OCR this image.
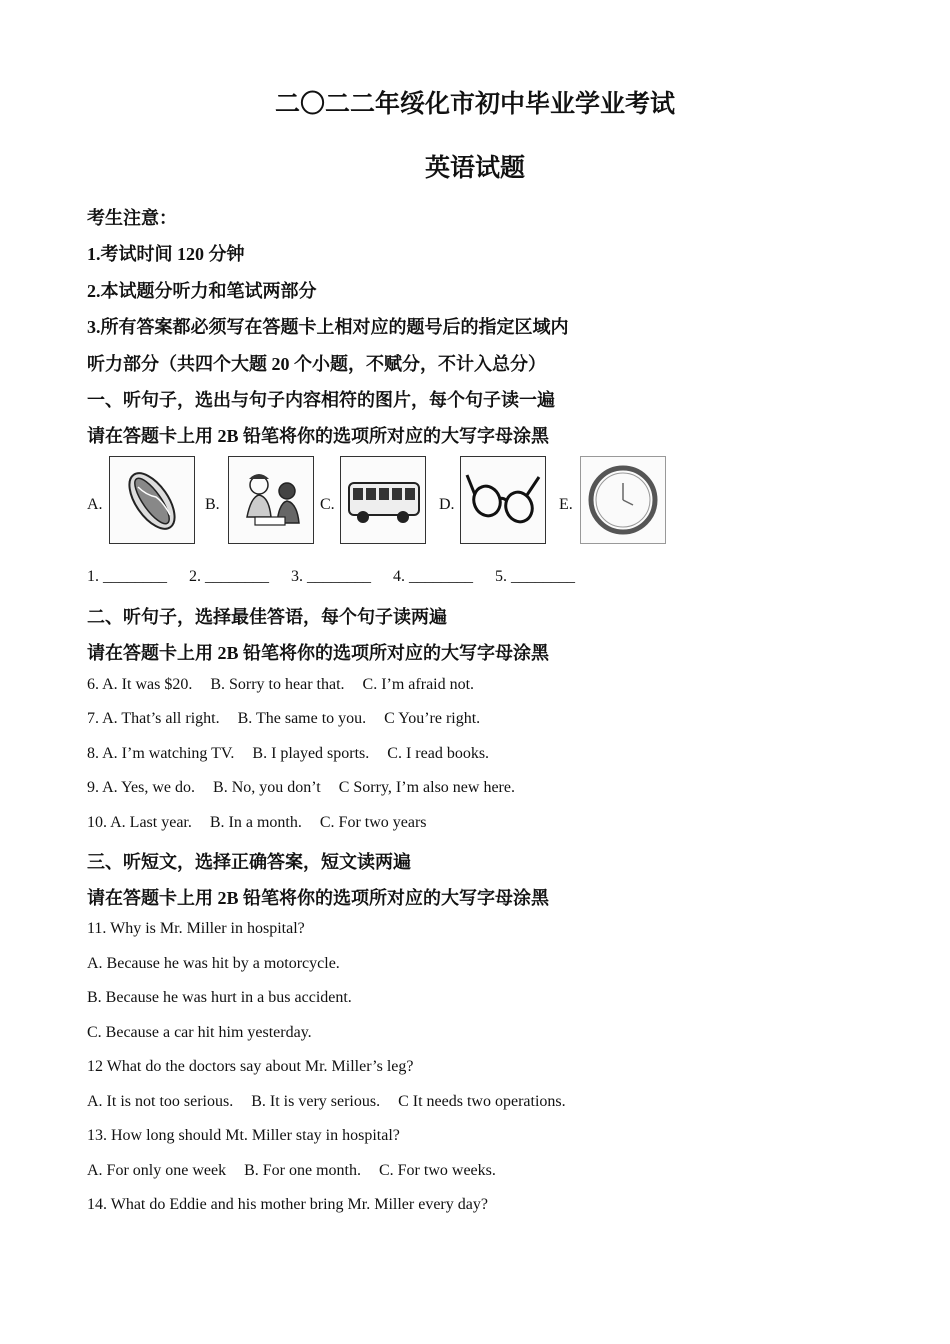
二〇二二年绥化市初中毕业学业考试
英语试题
考生注意：
1.考试时间 120 分钟
2.本试题分听力和笔试两部分
3.所有答案都必须写在答题卡上相对应的题号后的指定区域内
听力部分（共四个大题 20 个小题，不赋分，不计入总分）
一、听句子，选出与句子内容相符的图片，每个句子读一遍
请在答题卡上用 2B 铅笔将你的选项所对应的大写字母涂黑
A.	B.	C.	D.	E.
1. ________ 2. ________ 3. ________ 4. ________ 5. ________
二、听句子，选择最佳答语，每个句子读两遍
请在答题卡上用 2B 铅笔将你的选项所对应的大写字母涂黑
6. A. It was $20. B. Sorry to hear that. C. I’m afraid not.
7. A. That’s all right. B. The same to you. C You’re right.
8. A. I’m watching TV. B. I played sports. C. I read books.
9. A. Yes, we do. B. No, you don’t C Sorry, I’m also new here.
10. A. Last year. B. In a month. C. For two years
三、听短文，选择正确答案，短文读两遍
请在答题卡上用 2B 铅笔将你的选项所对应的大写字母涂黑
11. Why is Mr. Miller in hospital?
A. Because he was hit by a motorcycle.
B. Because he was hurt in a bus accident.
C. Because a car hit him yesterday.
12 What do the doctors say about Mr. Miller’s leg?
A. It is not too serious. B. It is very serious. C It needs two operations.
13. How long should Mt. Miller stay in hospital?
A. For only one week B. For one month. C. For two weeks.
14. What do Eddie and his mother bring Mr. Miller every day?
